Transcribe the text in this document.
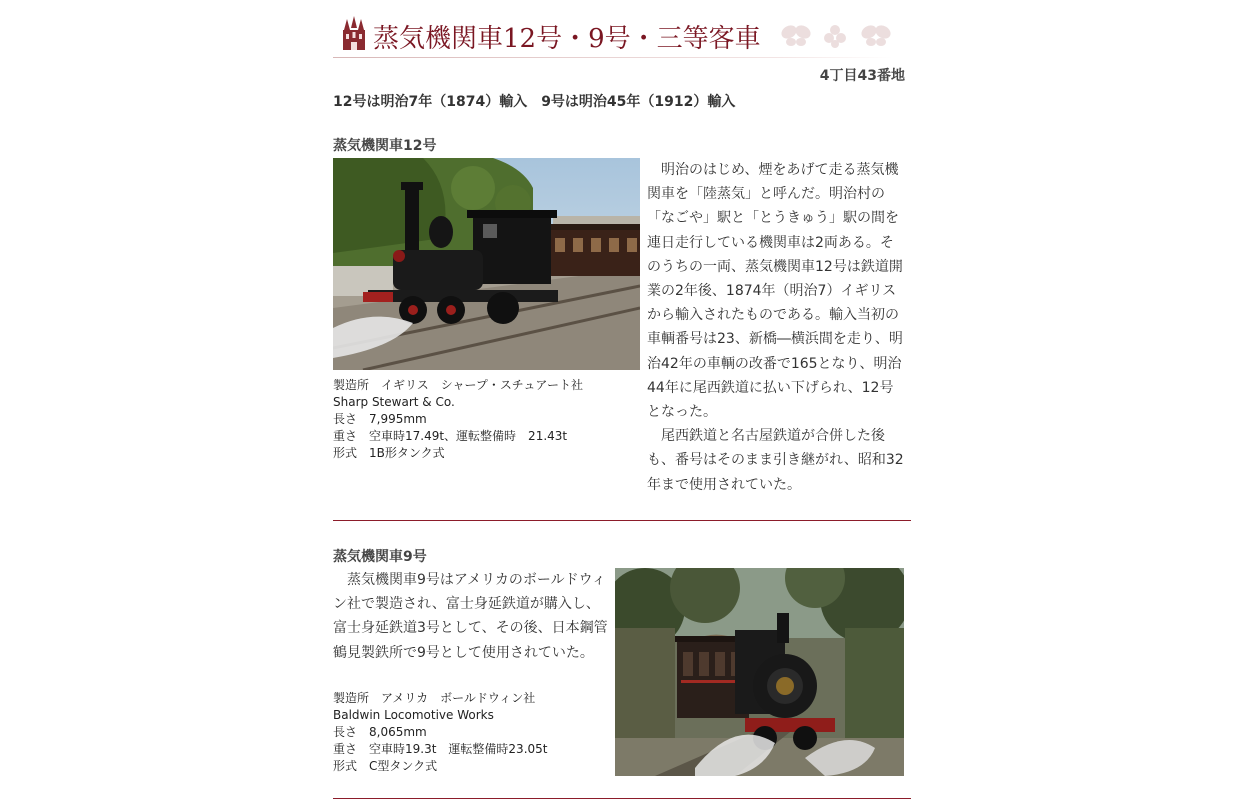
蒸気機関車12号・9号・三等客車
4丁目43番地
12号は明治7年（1874）輸入　9号は明治45年（1912）輸入
蒸気機関車12号
製造所　イギリス　シャープ・スチュアート社
Sharp Stewart & Co.
長さ　7,995mm
重さ　空車時17.49t、運転整備時　21.43t
形式　1B形タンク式

　明治のはじめ、煙をあげて走る蒸気機関車を「陸蒸気」と呼んだ。明治村の「なごや」駅と「とうきゅう」駅の間を連日走行している機関車は2両ある。そのうちの一両、蒸気機関車12号は鉄道開業の2年後、1874年（明治7）イギリスから輸入されたものである。輸入当初の車輌番号は23、新橋―横浜間を走り、明治42年の車輌の改番で165となり、明治44年に尾西鉄道に払い下げられ、12号となった。

　尾西鉄道と名古屋鉄道が合併した後も、番号はそのまま引き継がれ、昭和32年まで使用されていた。

蒸気機関車9号

　蒸気機関車9号はアメリカのボールドウィン社で製造され、富士身延鉄道が購入し、富士身延鉄道3号として、その後、日本鋼管鶴見製鉄所で9号として使用されていた。

製造所　アメリカ　ボールドウィン社
Baldwin Locomotive Works
長さ　8,065mm
重さ　空車時19.3t　運転整備時23.05t
形式　C型タンク式
